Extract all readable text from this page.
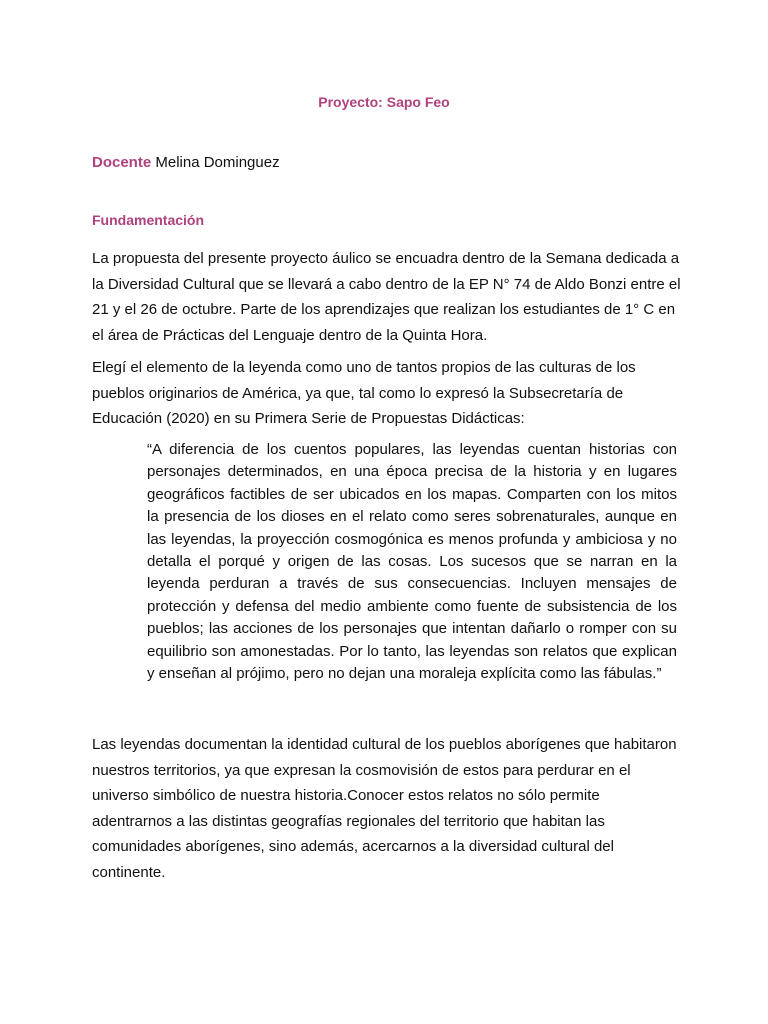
Proyecto: Sapo Feo
Docente Melina Dominguez
Fundamentación

La propuesta del presente proyecto áulico se encuadra dentro de la Semana dedicada a la Diversidad Cultural que se llevará a cabo dentro de la EP N° 74 de Aldo Bonzi entre el 21 y el 26 de octubre. Parte de los aprendizajes que realizan los estudiantes de 1° C en el área de Prácticas del Lenguaje dentro de la Quinta Hora.

Elegí el elemento de la leyenda como uno de tantos propios de las culturas de los pueblos originarios de América, ya que, tal como lo expresó la Subsecretaría de Educación (2020) en su Primera Serie de Propuestas Didácticas:

“A diferencia de los cuentos populares, las leyendas cuentan historias con personajes determinados, en una época precisa de la historia y en lugares geográficos factibles de ser ubicados en los mapas. Comparten con los mitos la presencia de los dioses en el relato como seres sobrenaturales, aunque en las leyendas, la proyección cosmogónica es menos profunda y ambiciosa y no detalla el porqué y origen de las cosas. Los sucesos que se narran en la leyenda perduran a través de sus consecuencias. Incluyen mensajes de protección y defensa del medio ambiente como fuente de subsistencia de los pueblos; las acciones de los personajes que intentan dañarlo o romper con su equilibrio son amonestadas. Por lo tanto, las leyendas son relatos que explican y enseñan al prójimo, pero no dejan una moraleja explícita como las fábulas.”

Las leyendas documentan la identidad cultural de los pueblos aborígenes que habitaron nuestros territorios, ya que expresan la cosmovisión de estos para perdurar en el universo simbólico de nuestra historia.Conocer estos relatos no sólo permite adentrarnos a las distintas geografías regionales del territorio que habitan las comunidades aborígenes, sino además, acercarnos a la diversidad cultural del continente.
